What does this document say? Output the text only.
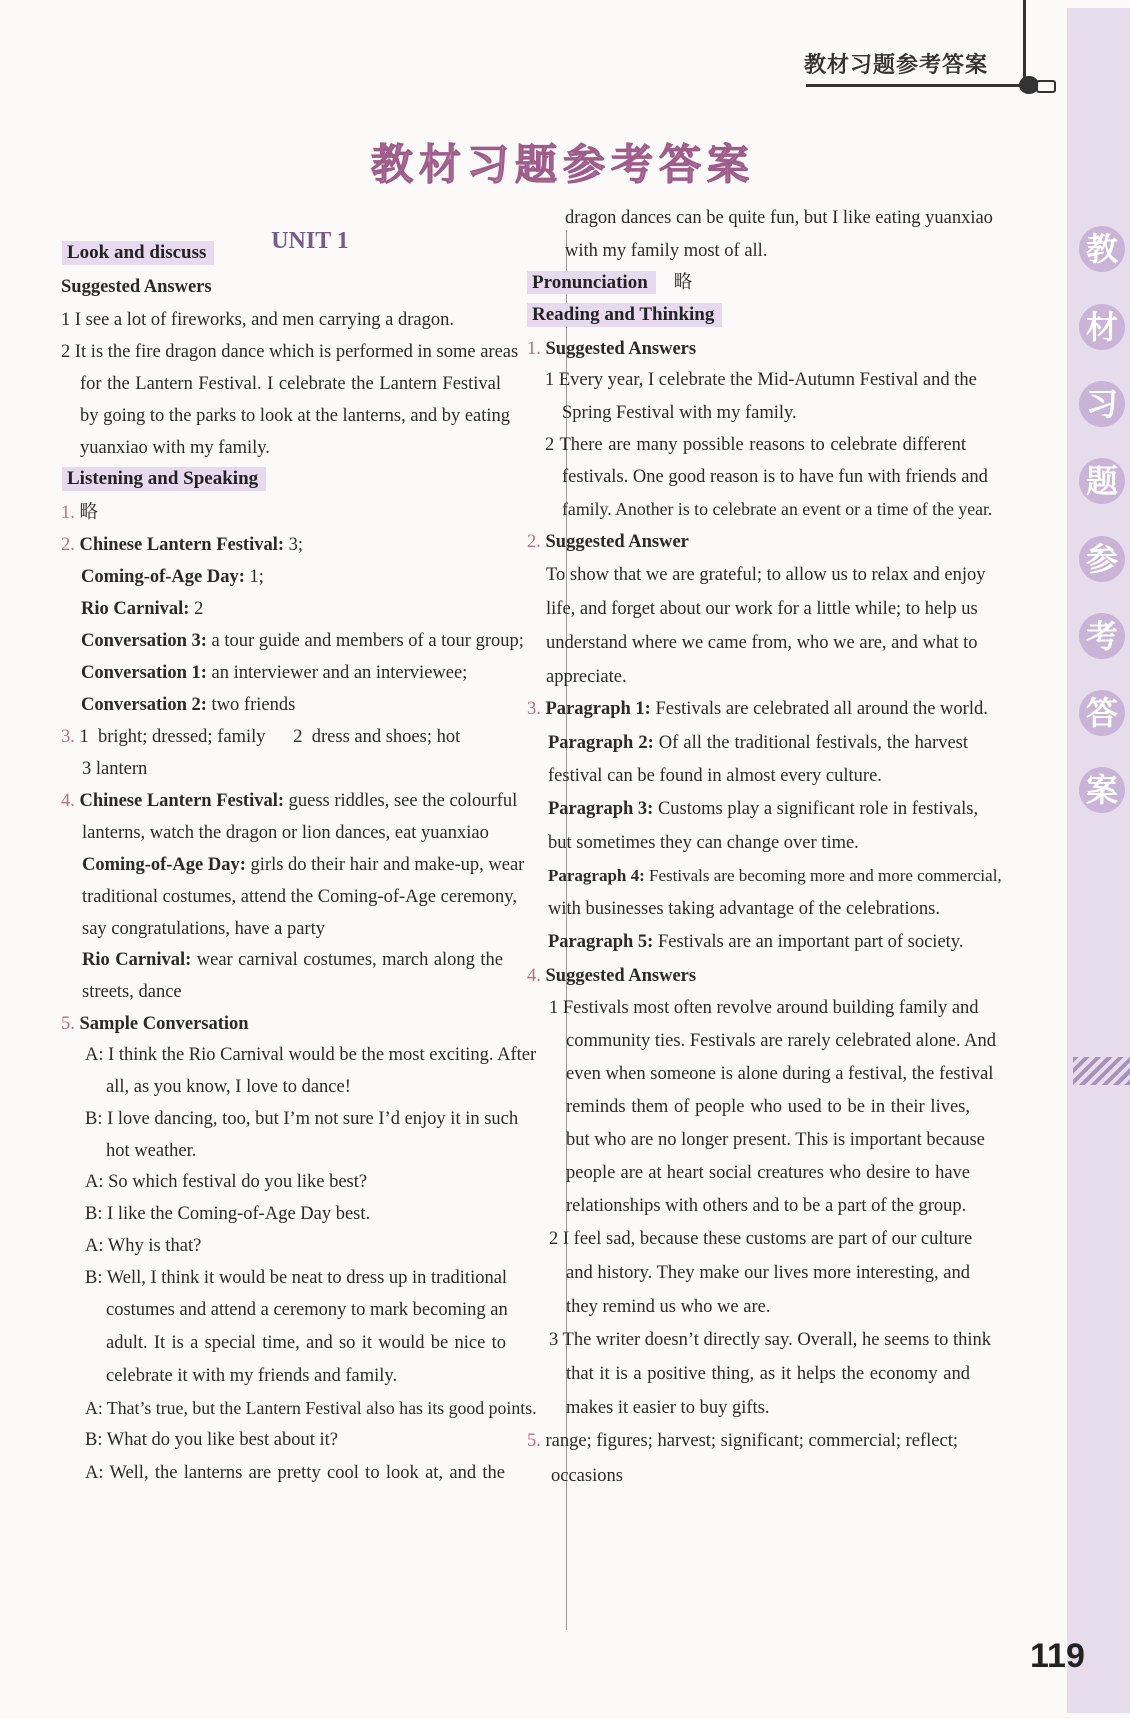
教材习题参考答案
教
材
习
题
参
考
答
案
教材习题参考答案
UNIT 1
Look and discuss
Suggested Answers
1 I see a lot of fireworks, and men carrying a dragon.
2 It is the fire dragon dance which is performed in some areas
for the Lantern Festival. I celebrate the Lantern Festival
by going to the parks to look at the lanterns, and by eating
yuanxiao with my family.
Listening and Speaking
1. 略
2. Chinese Lantern Festival: 3;
Coming-of-Age Day: 1;
Rio Carnival: 2
Conversation 3: a tour guide and members of a tour group;
Conversation 1: an interviewer and an interviewee;
Conversation 2: two friends
3. 1  bright; dressed; family      2  dress and shoes; hot
3 lantern
4. Chinese Lantern Festival: guess riddles, see the colourful
lanterns, watch the dragon or lion dances, eat yuanxiao
Coming-of-Age Day: girls do their hair and make-up, wear
traditional costumes, attend the Coming-of-Age ceremony,
say congratulations, have a party
Rio Carnival: wear carnival costumes, march along the
streets, dance
5. Sample Conversation
A: I think the Rio Carnival would be the most exciting. After
all, as you know, I love to dance!
B: I love dancing, too, but I’m not sure I’d enjoy it in such
hot weather.
A: So which festival do you like best?
B: I like the Coming-of-Age Day best.
A: Why is that?
B: Well, I think it would be neat to dress up in traditional
costumes and attend a ceremony to mark becoming an
adult. It is a special time, and so it would be nice to
celebrate it with my friends and family.
A: That’s true, but the Lantern Festival also has its good points.
B: What do you like best about it?
A: Well, the lanterns are pretty cool to look at, and the
dragon dances can be quite fun, but I like eating yuanxiao
with my family most of all.
Pronunciation 略
Reading and Thinking
1. Suggested Answers
1 Every year, I celebrate the Mid-Autumn Festival and the
Spring Festival with my family.
2 There are many possible reasons to celebrate different
festivals. One good reason is to have fun with friends and
family. Another is to celebrate an event or a time of the year.
2. Suggested Answer
To show that we are grateful; to allow us to relax and enjoy
life, and forget about our work for a little while; to help us
understand where we came from, who we are, and what to
appreciate.
3. Paragraph 1: Festivals are celebrated all around the world.
Paragraph 2: Of all the traditional festivals, the harvest
festival can be found in almost every culture.
Paragraph 3: Customs play a significant role in festivals,
but sometimes they can change over time.
Paragraph 4: Festivals are becoming more and more commercial,
with businesses taking advantage of the celebrations.
Paragraph 5: Festivals are an important part of society.
4. Suggested Answers
1 Festivals most often revolve around building family and
community ties. Festivals are rarely celebrated alone. And
even when someone is alone during a festival, the festival
reminds them of people who used to be in their lives,
but who are no longer present. This is important because
people are at heart social creatures who desire to have
relationships with others and to be a part of the group.
2 I feel sad, because these customs are part of our culture
and history. They make our lives more interesting, and
they remind us who we are.
3 The writer doesn’t directly say. Overall, he seems to think
that it is a positive thing, as it helps the economy and
makes it easier to buy gifts.
5. range; figures; harvest; significant; commercial; reflect;
occasions
119
